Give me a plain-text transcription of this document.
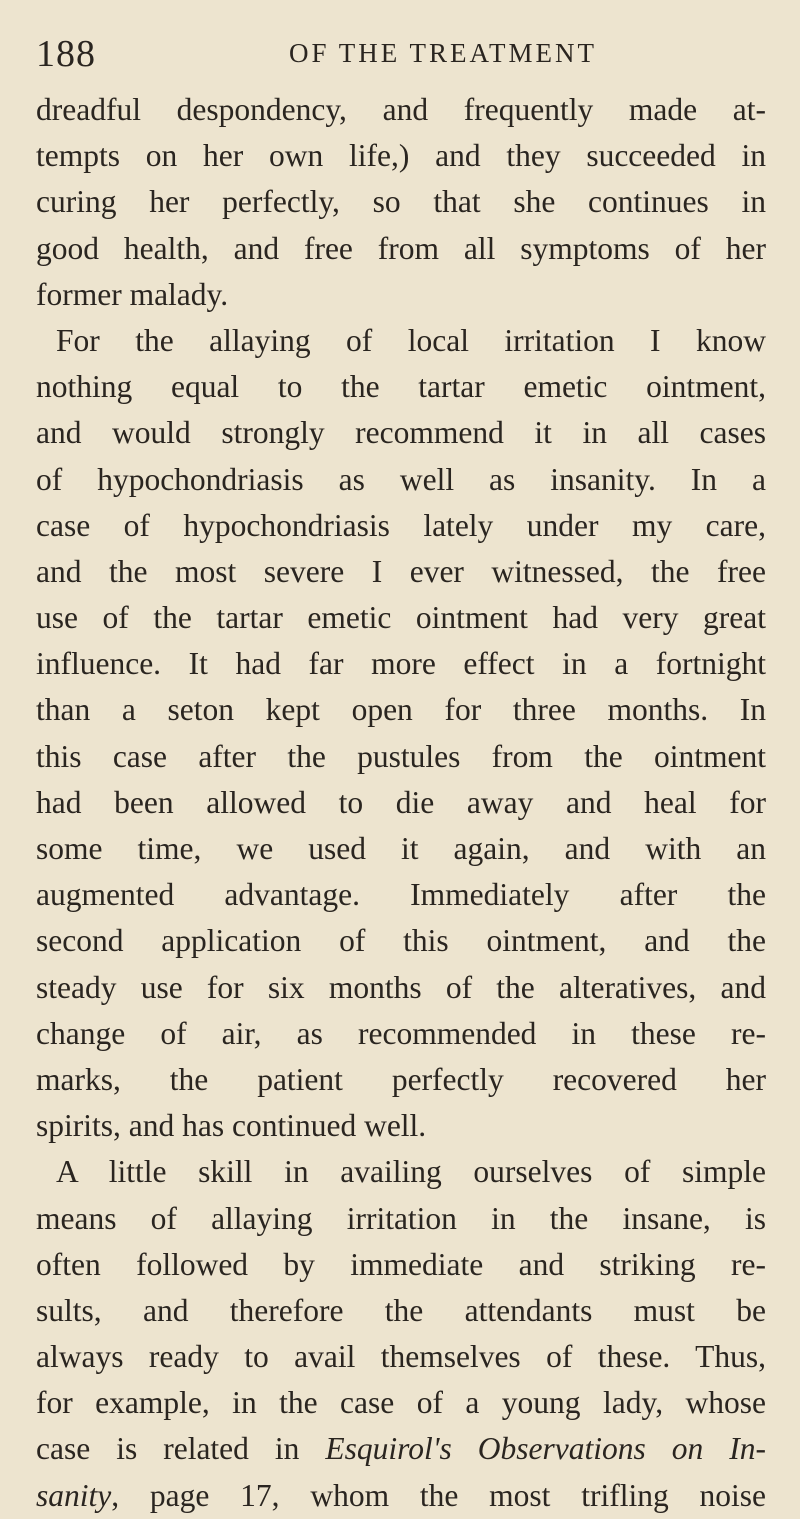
188	OF THE TREATMENT
dreadful despondency, and frequently made at-
tempts on her own life,) and they succeeded in
curing her perfectly, so that she continues in
good health, and free from all symptoms of her
former malady.
For the allaying of local irritation I know
nothing equal to the tartar emetic ointment,
and would strongly recommend it in all cases
of hypochondriasis as well as insanity. In a
case of hypochondriasis lately under my care,
and the most severe I ever witnessed, the free
use of the tartar emetic ointment had very great
influence. It had far more effect in a fortnight
than a seton kept open for three months. In
this case after the pustules from the ointment
had been allowed to die away and heal for
some time, we used it again, and with an
augmented advantage. Immediately after the
second application of this ointment, and the
steady use for six months of the alteratives, and
change of air, as recommended in these re-
marks, the patient perfectly recovered her
spirits, and has continued well.
A little skill in availing ourselves of simple
means of allaying irritation in the insane, is
often followed by immediate and striking re-
sults, and therefore the attendants must be
always ready to avail themselves of these. Thus,
for example, in the case of a young lady, whose
case is related in Esquirol's Observations on In-
sanity, page 17, whom the most trifling noise
